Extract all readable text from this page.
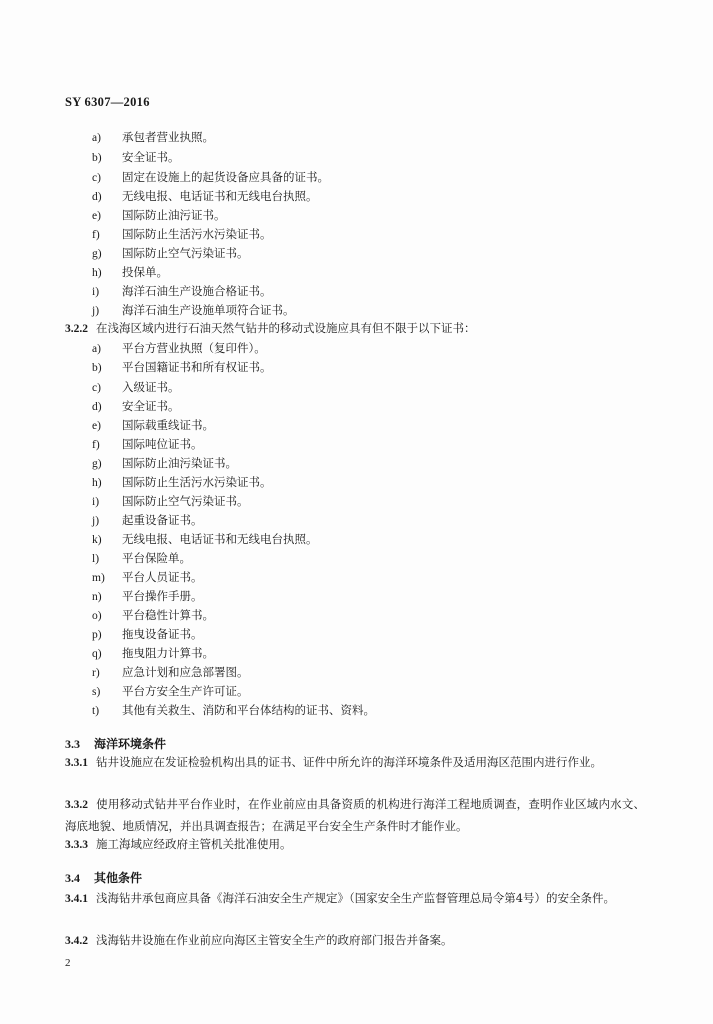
SY 6307—2016
a) 承包者营业执照。
b) 安全证书。
c) 固定在设施上的起货设备应具备的证书。
d) 无线电报、电话证书和无线电台执照。
e) 国际防止油污证书。
f) 国际防止生活污水污染证书。
g) 国际防止空气污染证书。
h) 投保单。
i) 海洋石油生产设施合格证书。
j) 海洋石油生产设施单项符合证书。
3.2.2 在浅海区域内进行石油天然气钻井的移动式设施应具有但不限于以下证书：
a) 平台方营业执照（复印件）。
b) 平台国籍证书和所有权证书。
c) 入级证书。
d) 安全证书。
e) 国际载重线证书。
f) 国际吨位证书。
g) 国际防止油污染证书。
h) 国际防止生活污水污染证书。
i) 国际防止空气污染证书。
j) 起重设备证书。
k) 无线电报、电话证书和无线电台执照。
l) 平台保险单。
m) 平台人员证书。
n) 平台操作手册。
o) 平台稳性计算书。
p) 拖曳设备证书。
q) 拖曳阻力计算书。
r) 应急计划和应急部署图。
s) 平台方安全生产许可证。
t) 其他有关救生、消防和平台体结构的证书、资料。
3.3 海洋环境条件
3.3.1 钻井设施应在发证检验机构出具的证书、证件中所允许的海洋环境条件及适用海区范围内进行作业。
3.3.2 使用移动式钻井平台作业时，在作业前应由具备资质的机构进行海洋工程地质调查，查明作业区域内水文、海底地貌、地质情况，并出具调查报告；在满足平台安全生产条件时才能作业。
3.3.3 施工海域应经政府主管机关批准使用。
3.4 其他条件
3.4.1 浅海钻井承包商应具备《海洋石油安全生产规定》（国家安全生产监督管理总局令第4号）的安全条件。
3.4.2 浅海钻井设施在作业前应向海区主管安全生产的政府部门报告并备案。
2
